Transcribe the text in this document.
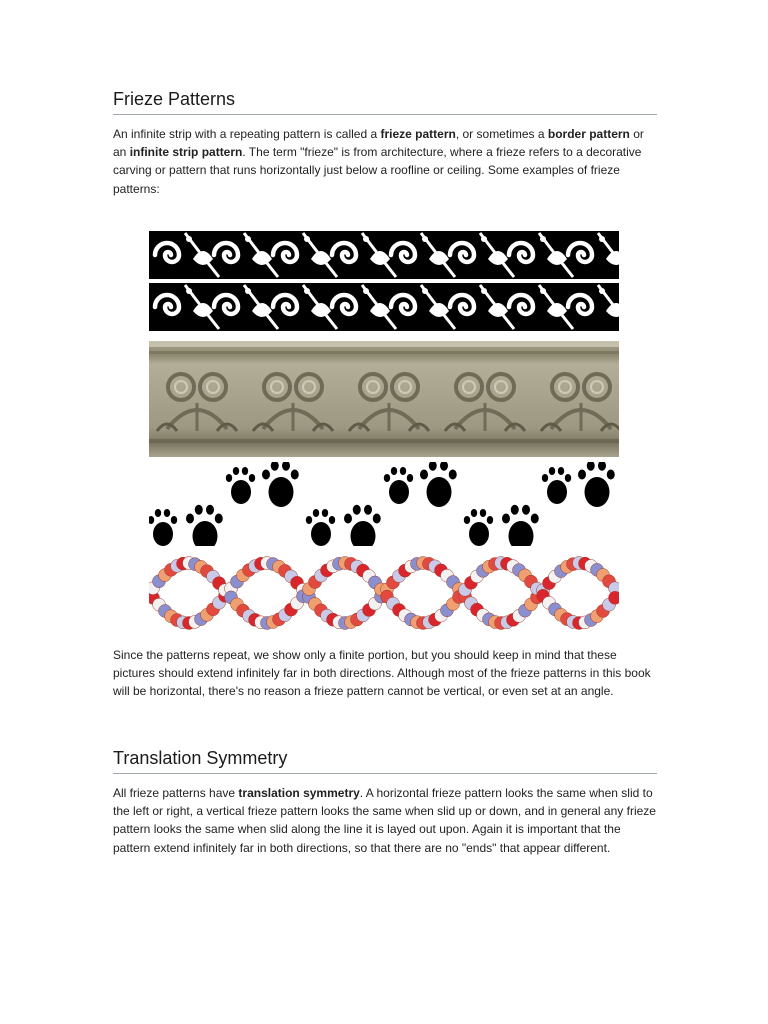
Frieze Patterns

An infinite strip with a repeating pattern is called a frieze pattern, or sometimes a border pattern or an infinite strip pattern. The term "frieze" is from architecture, where a frieze refers to a decorative carving or pattern that runs horizontally just below a roofline or ceiling. Some examples of frieze patterns:

Since the patterns repeat, we show only a finite portion, but you should keep in mind that these pictures should extend infinitely far in both directions. Although most of the frieze patterns in this book will be horizontal, there's no reason a frieze pattern cannot be vertical, or even set at an angle.

Translation Symmetry

All frieze patterns have translation symmetry. A horizontal frieze pattern looks the same when slid to the left or right, a vertical frieze pattern looks the same when slid up or down, and in general any frieze pattern looks the same when slid along the line it is layed out upon. Again it is important that the pattern extend infinitely far in both directions, so that there are no "ends" that appear different.
